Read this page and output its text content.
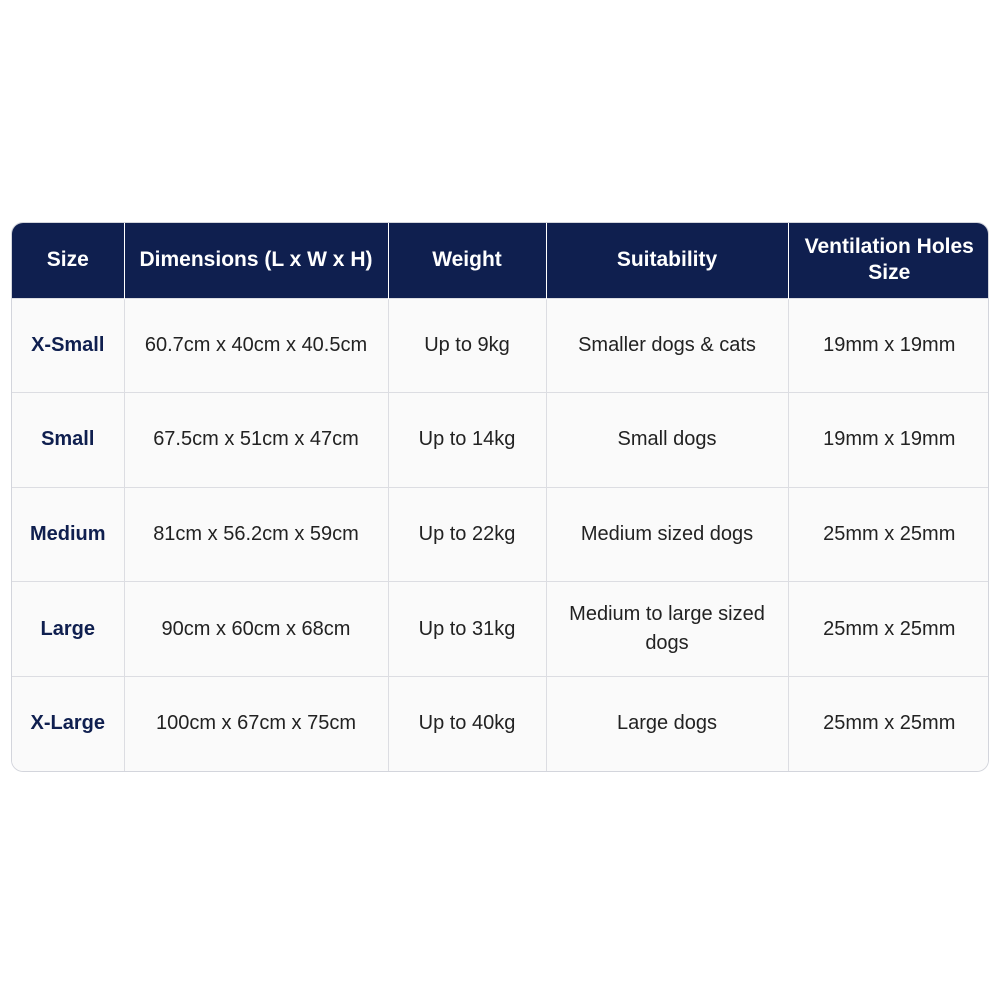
Size	Dimensions (L x W x H)	Weight	Suitability	Ventilation Holes Size
X-Small	60.7cm x 40cm x 40.5cm	Up to 9kg	Smaller dogs & cats	19mm x 19mm
Small	67.5cm x 51cm x 47cm	Up to 14kg	Small dogs	19mm x 19mm
Medium	81cm x 56.2cm x 59cm	Up to 22kg	Medium sized dogs	25mm x 25mm
Large	90cm x 60cm x 68cm	Up to 31kg	Medium to large sized dogs	25mm x 25mm
X-Large	100cm x 67cm x 75cm	Up to 40kg	Large dogs	25mm x 25mm
